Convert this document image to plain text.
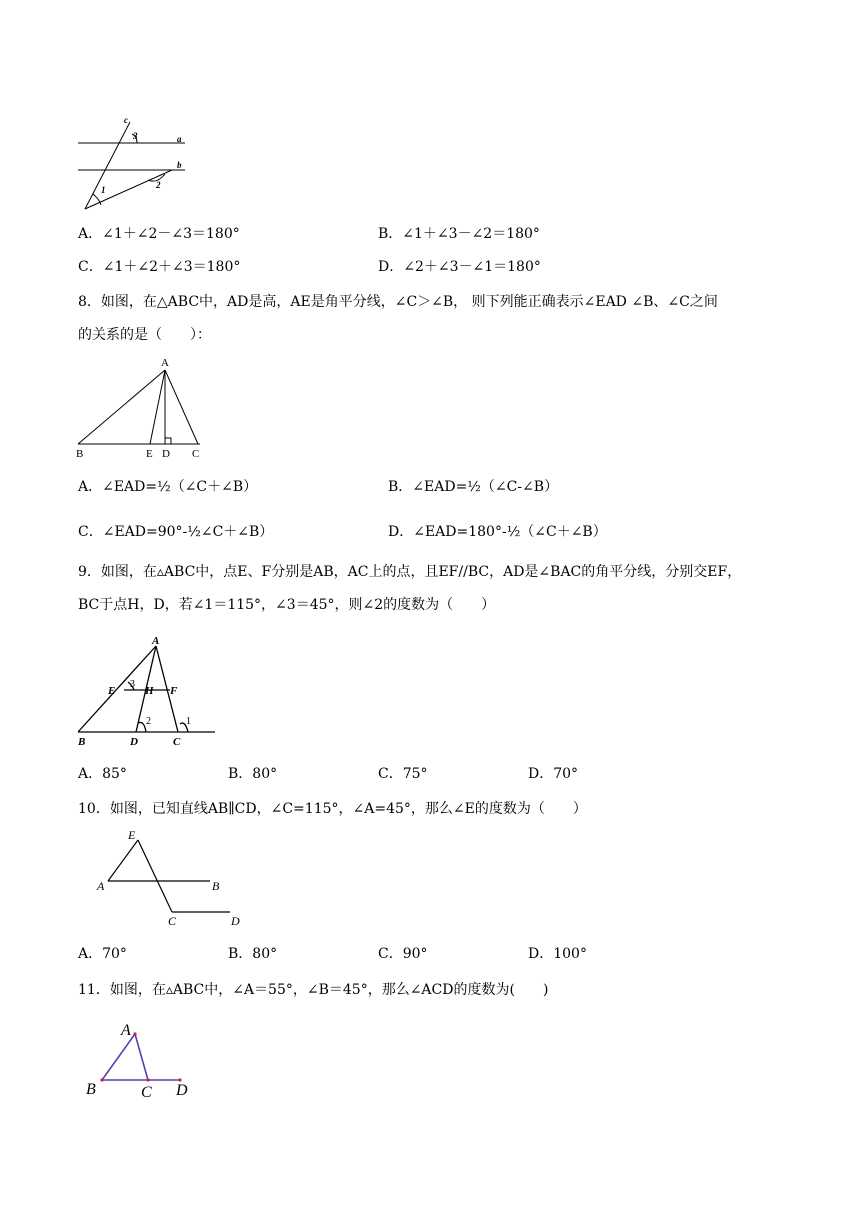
c
a
b
3
2
1
A．∠1＋∠2－∠3＝180°	B．∠1＋∠3－∠2＝180°
C．∠1＋∠2＋∠3＝180°	D．∠2＋∠3－∠1＝180°
8．如图，在△ABC中，AD是高，AE是角平分线，∠C＞∠B， 则下列能正确表示∠EAD ∠B、∠C之间
的关系的是（　　）：
A
B	E D C
A．∠EAD=½（∠C＋∠B）	B．∠EAD=½（∠C-∠B）
C．∠EAD=90°-½∠C＋∠B）	D．∠EAD=180°-½（∠C＋∠B）
9．如图，在▵ABC中，点E、F分别是AB，AC上的点，且EF//BC，AD是∠BAC的角平分线，分别交EF，
BC于点H，D，若∠1＝115°，∠3＝45°，则∠2的度数为（　　）
A
E	H F
B	D	C
3
2	1
A．85°	B．80°	C．75°	D．70°
10．如图，已知直线AB∥CD，∠C=115°，∠A=45°，那么∠E的度数为（　　）
E
A	B
C	D
A．70°	B．80°	C．90°	D．100°
11．如图，在▵ABC中，∠A＝55°，∠B＝45°，那么∠ACD的度数为(　　)
A
B	C D
